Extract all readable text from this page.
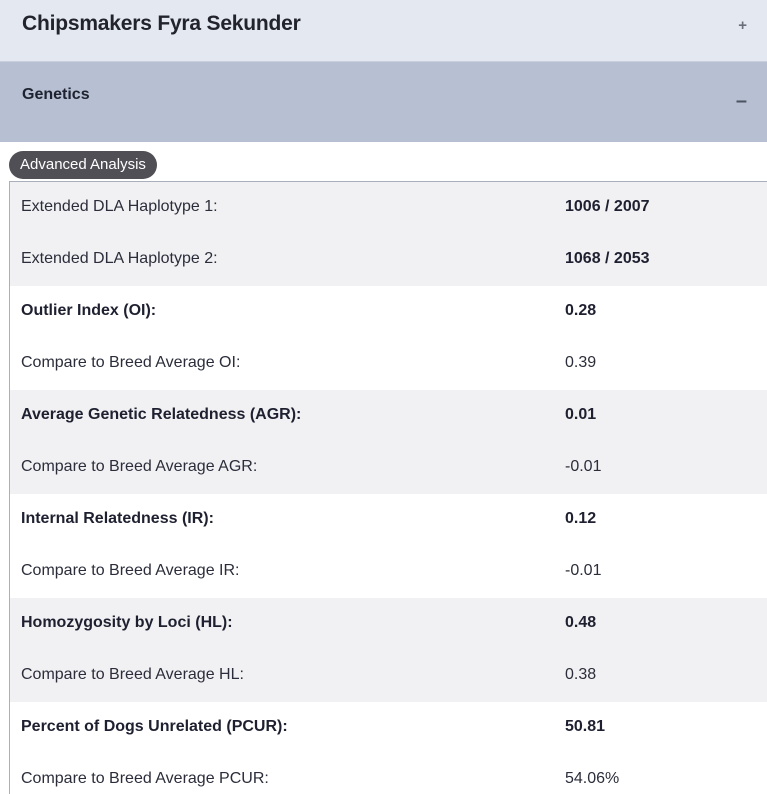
Chipsmakers Fyra Sekunder	+
Genetics	–
Advanced Analysis
Extended DLA Haplotype 1:	1006 / 2007
Extended DLA Haplotype 2:	1068 / 2053
Outlier Index (OI):	0.28
Compare to Breed Average OI:	0.39
Average Genetic Relatedness (AGR):	0.01
Compare to Breed Average AGR:	-0.01
Internal Relatedness (IR):	0.12
Compare to Breed Average IR:	-0.01
Homozygosity by Loci (HL):	0.48
Compare to Breed Average HL:	0.38
Percent of Dogs Unrelated (PCUR):	50.81
Compare to Breed Average PCUR:	54.06%
